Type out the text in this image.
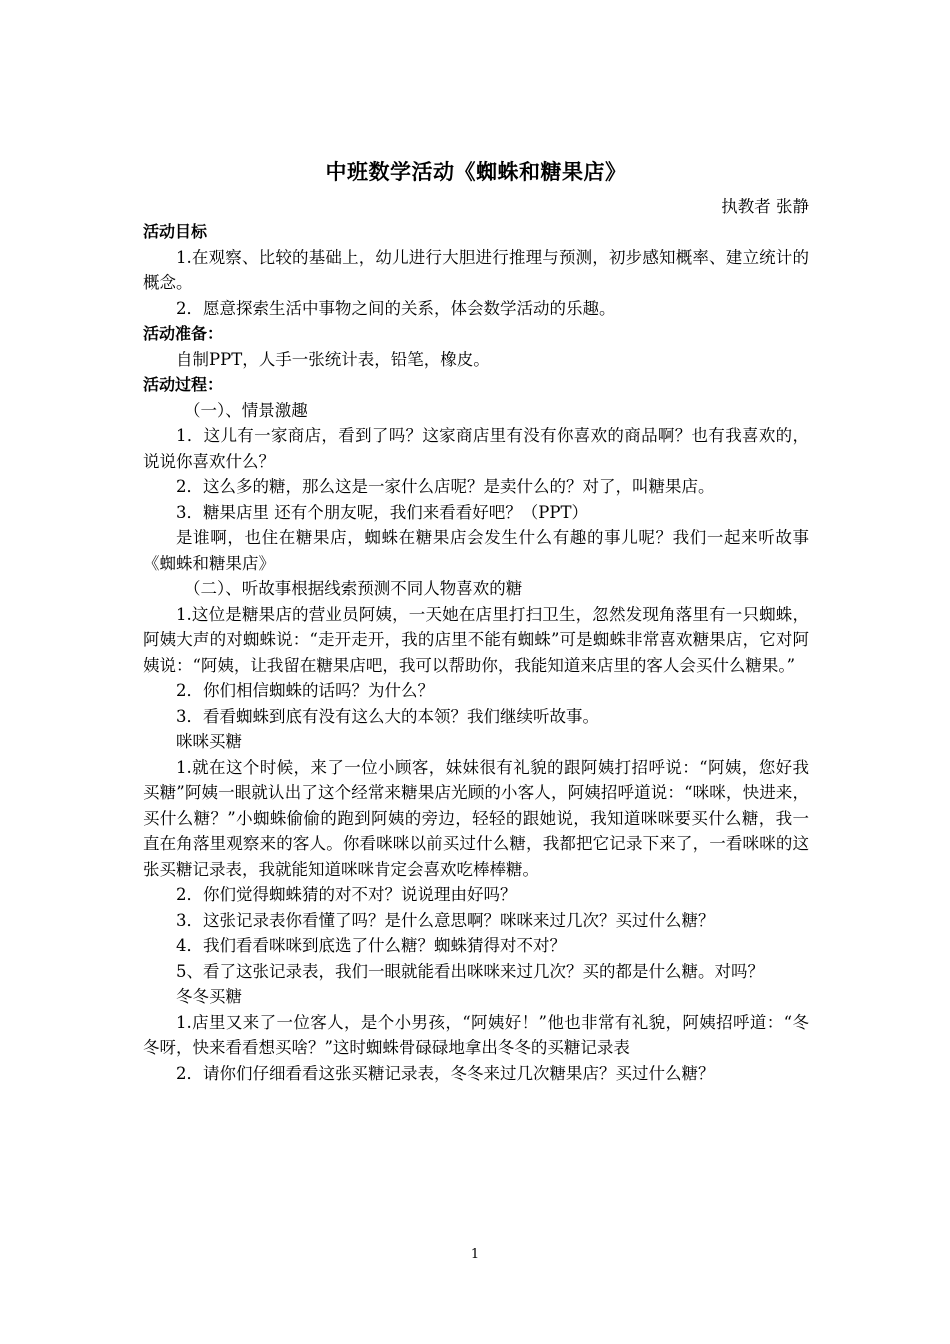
中班数学活动《蜘蛛和糖果店》
执教者 张静

活动目标

1.在观察、比较的基础上，幼儿进行大胆进行推理与预测，初步感知概率、建立统计的概念。

2．愿意探索生活中事物之间的关系，体会数学活动的乐趣。

活动准备：

自制PPT，人手一张统计表，铅笔，橡皮。

活动过程：

（一）、情景激趣

1．这儿有一家商店，看到了吗？这家商店里有没有你喜欢的商品啊？也有我喜欢的，说说你喜欢什么？

2．这么多的糖，那么这是一家什么店呢？是卖什么的？对了，叫糖果店。

3．糖果店里 还有个朋友呢，我们来看看好吧？（PPT）

是谁啊，也住在糖果店，蜘蛛在糖果店会发生什么有趣的事儿呢？我们一起来听故事《蜘蛛和糖果店》

（二）、听故事根据线索预测不同人物喜欢的糖

1.这位是糖果店的营业员阿姨，一天她在店里打扫卫生，忽然发现角落里有一只蜘蛛，阿姨大声的对蜘蛛说：“走开走开，我的店里不能有蜘蛛”可是蜘蛛非常喜欢糖果店，它对阿姨说：“阿姨，让我留在糖果店吧，我可以帮助你，我能知道来店里的客人会买什么糖果。”

2．你们相信蜘蛛的话吗？为什么？

3．看看蜘蛛到底有没有这么大的本领？我们继续听故事。

咪咪买糖

1.就在这个时候，来了一位小顾客，妹妹很有礼貌的跟阿姨打招呼说：“阿姨，您好我买糖”阿姨一眼就认出了这个经常来糖果店光顾的小客人，阿姨招呼道说：“咪咪，快进来，买什么糖？”小蜘蛛偷偷的跑到阿姨的旁边，轻轻的跟她说，我知道咪咪要买什么糖，我一直在角落里观察来的客人。你看咪咪以前买过什么糖，我都把它记录下来了，一看咪咪的这张买糖记录表，我就能知道咪咪肯定会喜欢吃棒棒糖。

2．你们觉得蜘蛛猜的对不对？说说理由好吗？

3．这张记录表你看懂了吗？是什么意思啊？咪咪来过几次？买过什么糖？

4．我们看看咪咪到底选了什么糖？蜘蛛猜得对不对？

5、看了这张记录表，我们一眼就能看出咪咪来过几次？买的都是什么糖。对吗？

冬冬买糖

1.店里又来了一位客人，是个小男孩，“阿姨好！”他也非常有礼貌，阿姨招呼道：“冬冬呀，快来看看想买啥？”这时蜘蛛骨碌碌地拿出冬冬的买糖记录表

2．请你们仔细看看这张买糖记录表，冬冬来过几次糖果店？买过什么糖？

1
